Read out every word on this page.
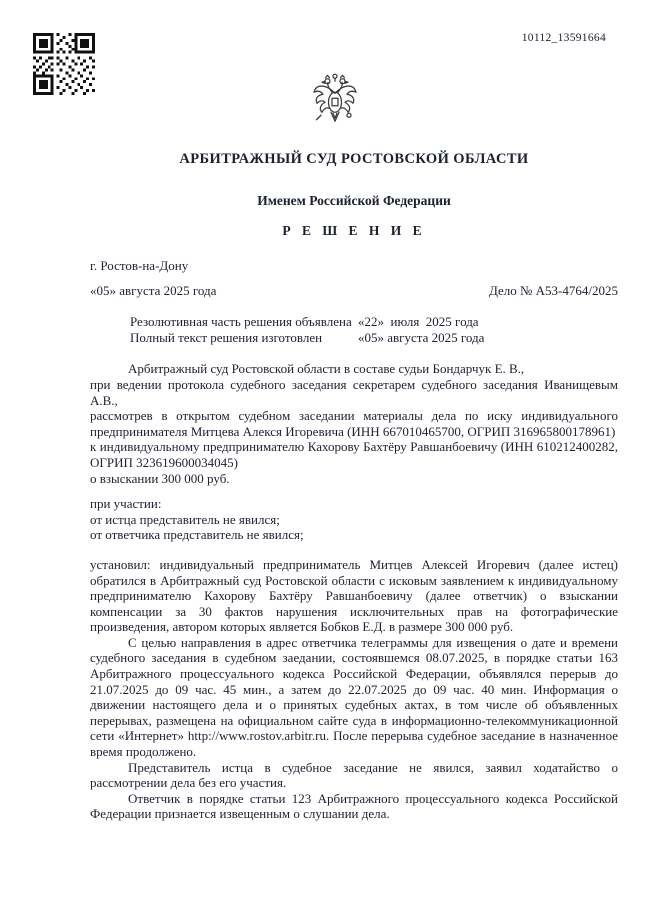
10112_13591664
АРБИТРАЖНЫЙ СУД РОСТОВСКОЙ ОБЛАСТИ
Именем Российской Федерации
Р Е Ш Е Н И Е
г. Ростов-на-Дону
«05» августа 2025 года	Дело № А53-4764/2025
Резолютивная часть решения объявлена «22»  июля  2025 года
Полный текст решения изготовлен	«05» августа 2025 года

Арбитражный суд Ростовской области в составе судьи Бондарчук Е. В.,

при ведении протокола судебного заседания секретарем судебного заседания Иванищевым А.В.,

рассмотрев в открытом судебном заседании материалы дела по иску индивидуального предпринимателя Митцева Алекся Игоревича (ИНН 667010465700, ОГРИП 316965800178961)

к индивидуальному предпринимателю Кахорову Бахтёру Равшанбоевичу (ИНН 610212400282, ОГРИП 323619600034045)

о взыскании 300 000 руб.

при участии:

от истца представитель не явился;

от ответчика представитель не явился;

установил: индивидуальный предприниматель Митцев Алексей Игоревич (далее истец) обратился в Арбитражный суд Ростовской области с исковым заявлением к индивидуальному предпринимателю Кахорову Бахтёру Равшанбоевичу (далее ответчик) о взыскании компенсации за 30 фактов нарушения исключительных прав на фотографические произведения, автором которых является Бобков Е.Д. в размере 300 000 руб.

С целью направления в адрес ответчика телеграммы для извещения о дате и времени судебного заседания в судебном заедании, состоявшемся 08.07.2025, в порядке статьи 163 Арбитражного процессуального кодекса Российской Федерации, объявлялся перерыв до 21.07.2025 до 09 час. 45 мин., а затем до 22.07.2025 до 09 час. 40 мин. Информация о движении настоящего дела и о принятых судебных актах, в том числе об объявленных перерывах, размещена на официальном сайте суда в информационно-телекоммуникационной сети «Интернет» http://www.rostov.arbitr.ru. После перерыва судебное заседание в назначенное время продолжено.

Представитель истца в судебное заседание не явился, заявил ходатайство о рассмотрении дела без его участия.

Ответчик в порядке статьи 123 Арбитражного процессуального кодекса Российской Федерации признается извещенным о слушании дела.
